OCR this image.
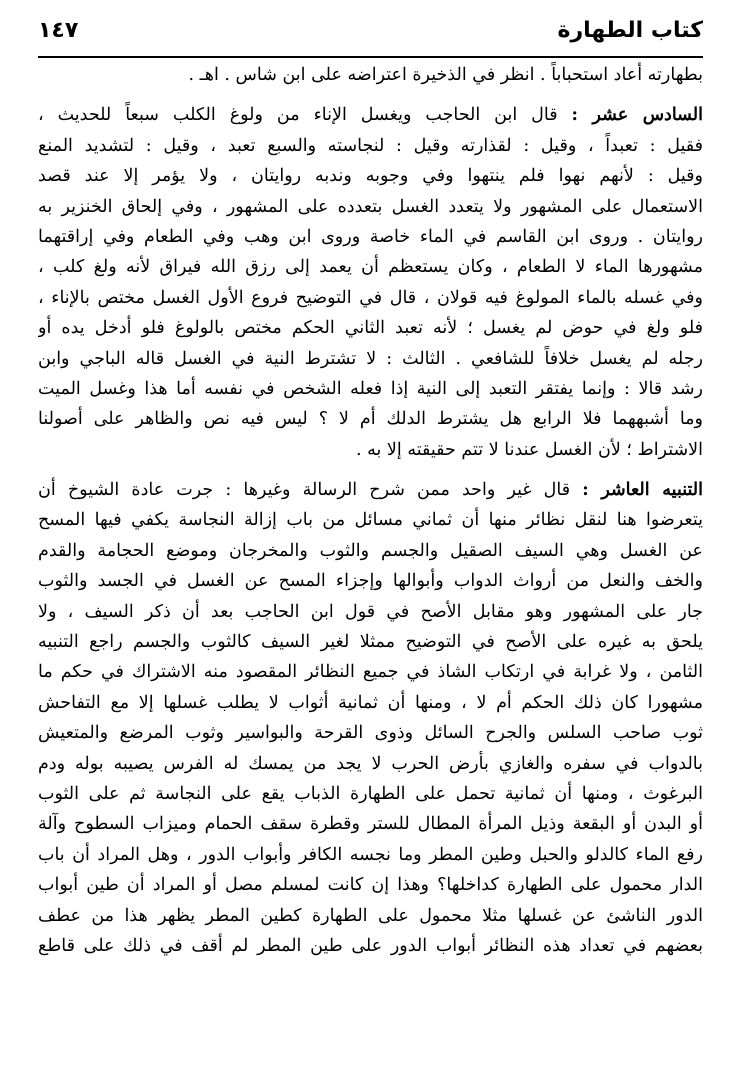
كتاب الطهارة
١٤٧
بطهارته أعاد استحباباً . انظر في الذخيرة اعتراضه على ابن شاس . اهـ .
السادس عشر : قال ابن الحاجب ويغسل الإناء من ولوغ الكلب سبعاً للحديث ،
فقيل : تعبداً ، وقيل : لقذارته وقيل : لنجاسته والسبع تعبد ، وقيل : لتشديد المنع
وقيل : لأنهم نهوا فلم ينتهوا وفي وجوبه وندبه روايتان ، ولا يؤمر إلا عند قصد
الاستعمال على المشهور ولا يتعدد الغسل بتعدده على المشهور ، وفي إلحاق الخنزير به
روايتان . وروى ابن القاسم في الماء خاصة وروى ابن وهب وفي الطعام وفي إراقتهما
مشهورها الماء لا الطعام ، وكان يستعظم أن يعمد إلى رزق الله فيراق لأنه ولغ كلب ،
وفي غسله بالماء المولوغ فيه قولان ، قال في التوضيح فروع الأول الغسل مختص بالإناء ،
فلو ولغ في حوض لم يغسل ؛ لأنه تعبد الثاني الحكم مختص بالولوغ فلو أدخل يده أو
رجله لم يغسل خلافاً للشافعي . الثالث : لا تشترط النية في الغسل قاله الباجي وابن
رشد قالا : وإنما يفتقر التعبد إلى النية إذا فعله الشخص في نفسه أما هذا وغسل الميت
وما أشبههما فلا الرابع هل يشترط الدلك أم لا ؟ ليس فيه نص والظاهر على أصولنا
الاشتراط ؛ لأن الغسل عندنا لا تتم حقيقته إلا به .
التنبيه العاشر : قال غير واحد ممن شرح الرسالة وغيرها : جرت عادة الشيوخ أن
يتعرضوا هنا لنقل نظائر منها أن ثماني مسائل من باب إزالة النجاسة يكفي فيها المسح
عن الغسل وهي السيف الصقيل والجسم والثوب والمخرجان وموضع الحجامة والقدم
والخف والنعل من أرواث الدواب وأبوالها وإجزاء المسح عن الغسل في الجسد والثوب
جار على المشهور وهو مقابل الأصح في قول ابن الحاجب بعد أن ذكر السيف ، ولا
يلحق به غيره على الأصح في التوضيح ممثلا لغير السيف كالثوب والجسم راجع التنبيه
الثامن ، ولا غرابة في ارتكاب الشاذ في جميع النظائر المقصود منه الاشتراك في حكم ما
مشهورا كان ذلك الحكم أم لا ، ومنها أن ثمانية أثواب لا يطلب غسلها إلا مع التفاحش
ثوب صاحب السلس والجرح السائل وذوى القرحة والبواسير وثوب المرضع والمتعيش
بالدواب في سفره والغازي بأرض الحرب لا يجد من يمسك له الفرس يصيبه بوله ودم
البرغوث ، ومنها أن ثمانية تحمل على الطهارة الذباب يقع على النجاسة ثم على الثوب
أو البدن أو البقعة وذيل المرأة المطال للستر وقطرة سقف الحمام وميزاب السطوح وآلة
رفع الماء كالدلو والحبل وطين المطر وما نجسه الكافر وأبواب الدور ، وهل المراد أن باب
الدار محمول على الطهارة كداخلها؟ وهذا إن كانت لمسلم مصل أو المراد أن طين أبواب
الدور الناشئ عن غسلها مثلا محمول على الطهارة كطين المطر يظهر هذا من عطف
بعضهم في تعداد هذه النظائر أبواب الدور على طين المطر لم أقف في ذلك على قاطع
